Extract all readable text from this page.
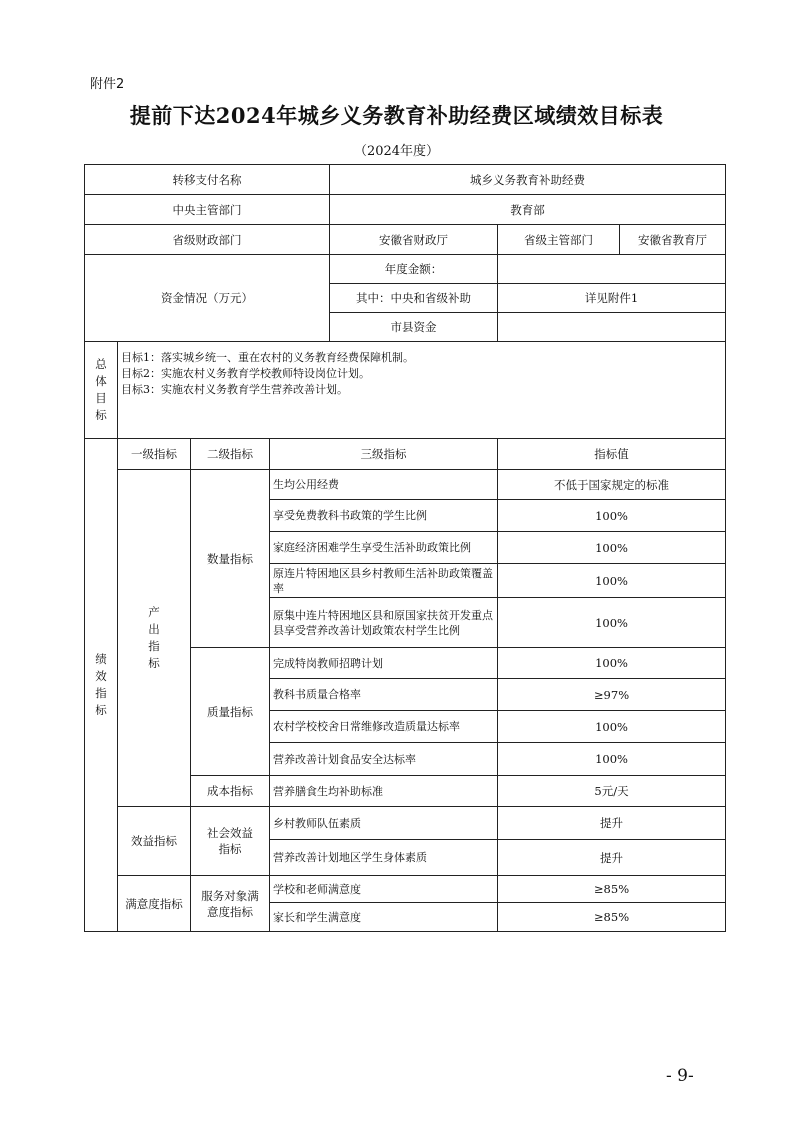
附件2
提前下达2024年城乡义务教育补助经费区域绩效目标表
（2024年度）
转移支付名称				城乡义务教育补助经费		
中央主管部门				教育部		
省级财政部门				安徽省财政厅	省级主管部门	安徽省教育厅
资金情况（万元）				年度金额：		
				其中：中央和省级补助	详见附件1	
				市县资金		

总体目标	目标1：落实城乡统一、重在农村的义务教育经费保障机制。
目标2：实施农村义务教育学校教师特设岗位计划。
目标3：实施农村义务教育学生营养改善计划。					

绩效指标	一级指标	二级指标	三级指标		指标值	

	产出指标	数量指标	生均公用经费		不低于国家规定的标准	
			享受免费教科书政策的学生比例		100%	
			家庭经济困难学生享受生活补助政策比例		100%	
			原连片特困地区县乡村教师生活补助政策覆盖率		100%	
			原集中连片特困地区县和原国家扶贫开发重点县享受营养改善计划政策农村学生比例		100%	
		质量指标	完成特岗教师招聘计划		100%	
			教科书质量合格率		≥97%	
			农村学校校舍日常维修改造质量达标率		100%	
			营养改善计划食品安全达标率		100%	
		成本指标	营养膳食生均补助标准		5元/天	
	效益指标	社会效益指标	乡村教师队伍素质		提升	
			营养改善计划地区学生身体素质		提升	
	满意度指标	服务对象满意度指标	学校和老师满意度		≥85%	
			家长和学生满意度		≥85%	
- 9-
